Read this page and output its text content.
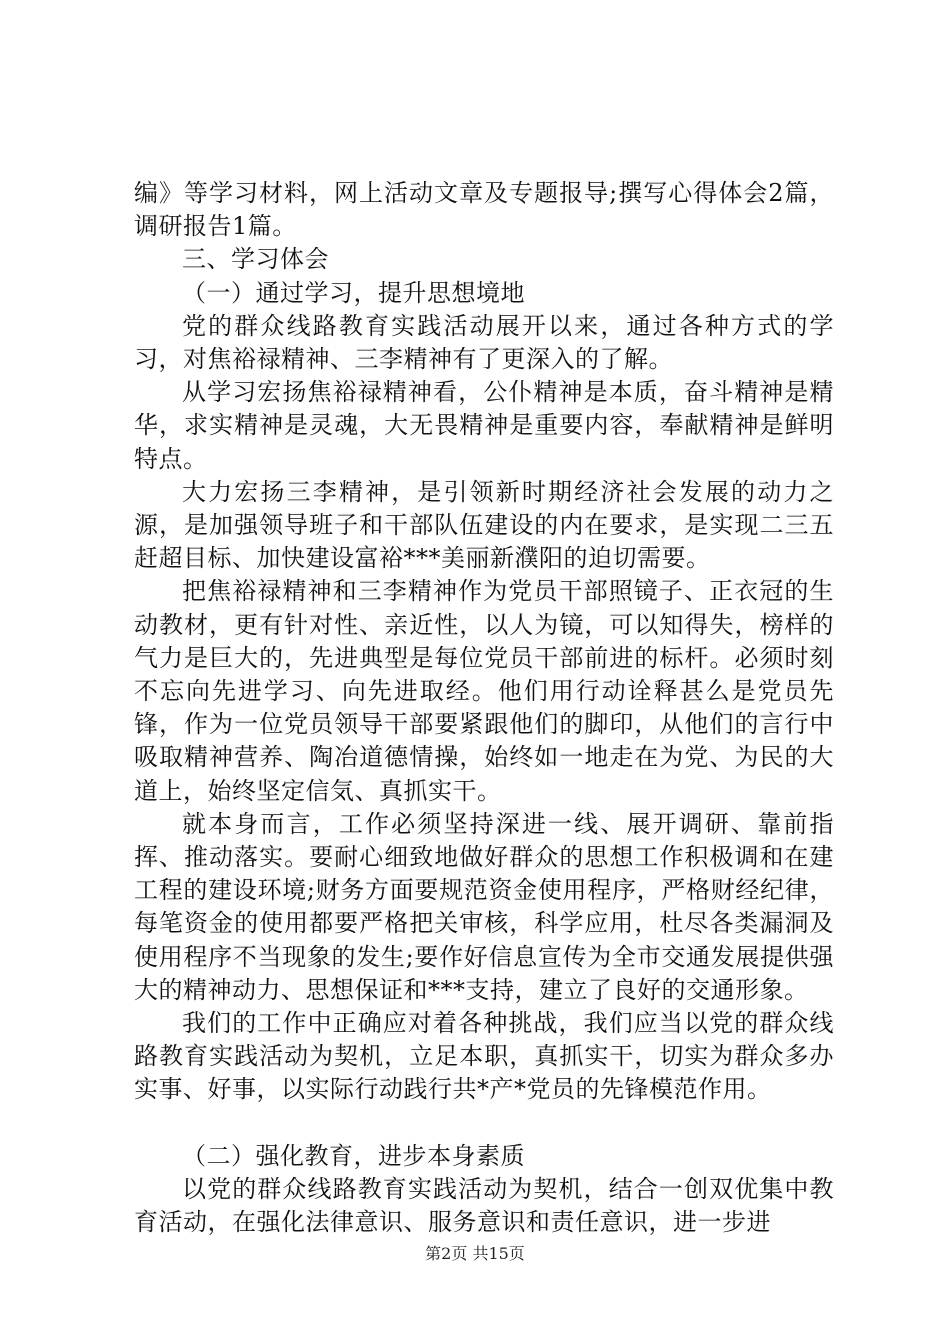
编》等学习材料，网上活动文章及专题报导;撰写心得体会2篇，调研报告1篇。

三、学习体会

（一）通过学习，提升思想境地

党的群众线路教育实践活动展开以来，通过各种方式的学习，对焦裕禄精神、三李精神有了更深入的了解。

从学习宏扬焦裕禄精神看，公仆精神是本质，奋斗精神是精华，求实精神是灵魂，大无畏精神是重要内容，奉献精神是鲜明特点。

大力宏扬三李精神，是引领新时期经济社会发展的动力之源，是加强领导班子和干部队伍建设的内在要求，是实现二三五赶超目标、加快建设富裕***美丽新濮阳的迫切需要。

把焦裕禄精神和三李精神作为党员干部照镜子、正衣冠的生动教材，更有针对性、亲近性，以人为镜，可以知得失，榜样的气力是巨大的，先进典型是每位党员干部前进的标杆。必须时刻不忘向先进学习、向先进取经。他们用行动诠释甚么是党员先锋，作为一位党员领导干部要紧跟他们的脚印，从他们的言行中吸取精神营养、陶冶道德情操，始终如一地走在为党、为民的大道上，始终坚定信気、真抓实干。

就本身而言，工作必须坚持深进一线、展开调研、靠前指挥、推动落实。要耐心细致地做好群众的思想工作积极调和在建工程的建设环境;财务方面要规范资金使用程序，严格财经纪律，每笔资金的使用都要严格把关审核，科学应用，杜尽各类漏洞及使用程序不当现象的发生;要作好信息宣传为全市交通发展提供强大的精神动力、思想保证和***支持，建立了良好的交通形象。

我们的工作中正确应对着各种挑战，我们应当以党的群众线路教育实践活动为契机，立足本职，真抓实干，切实为群众多办实事、好事，以实际行动践行共*产*党员的先锋模范作用。

（二）强化教育，进步本身素质

以党的群众线路教育实践活动为契机，结合一创双优集中教育活动，在强化法律意识、服务意识和责任意识，进一步进

第2页 共15页
